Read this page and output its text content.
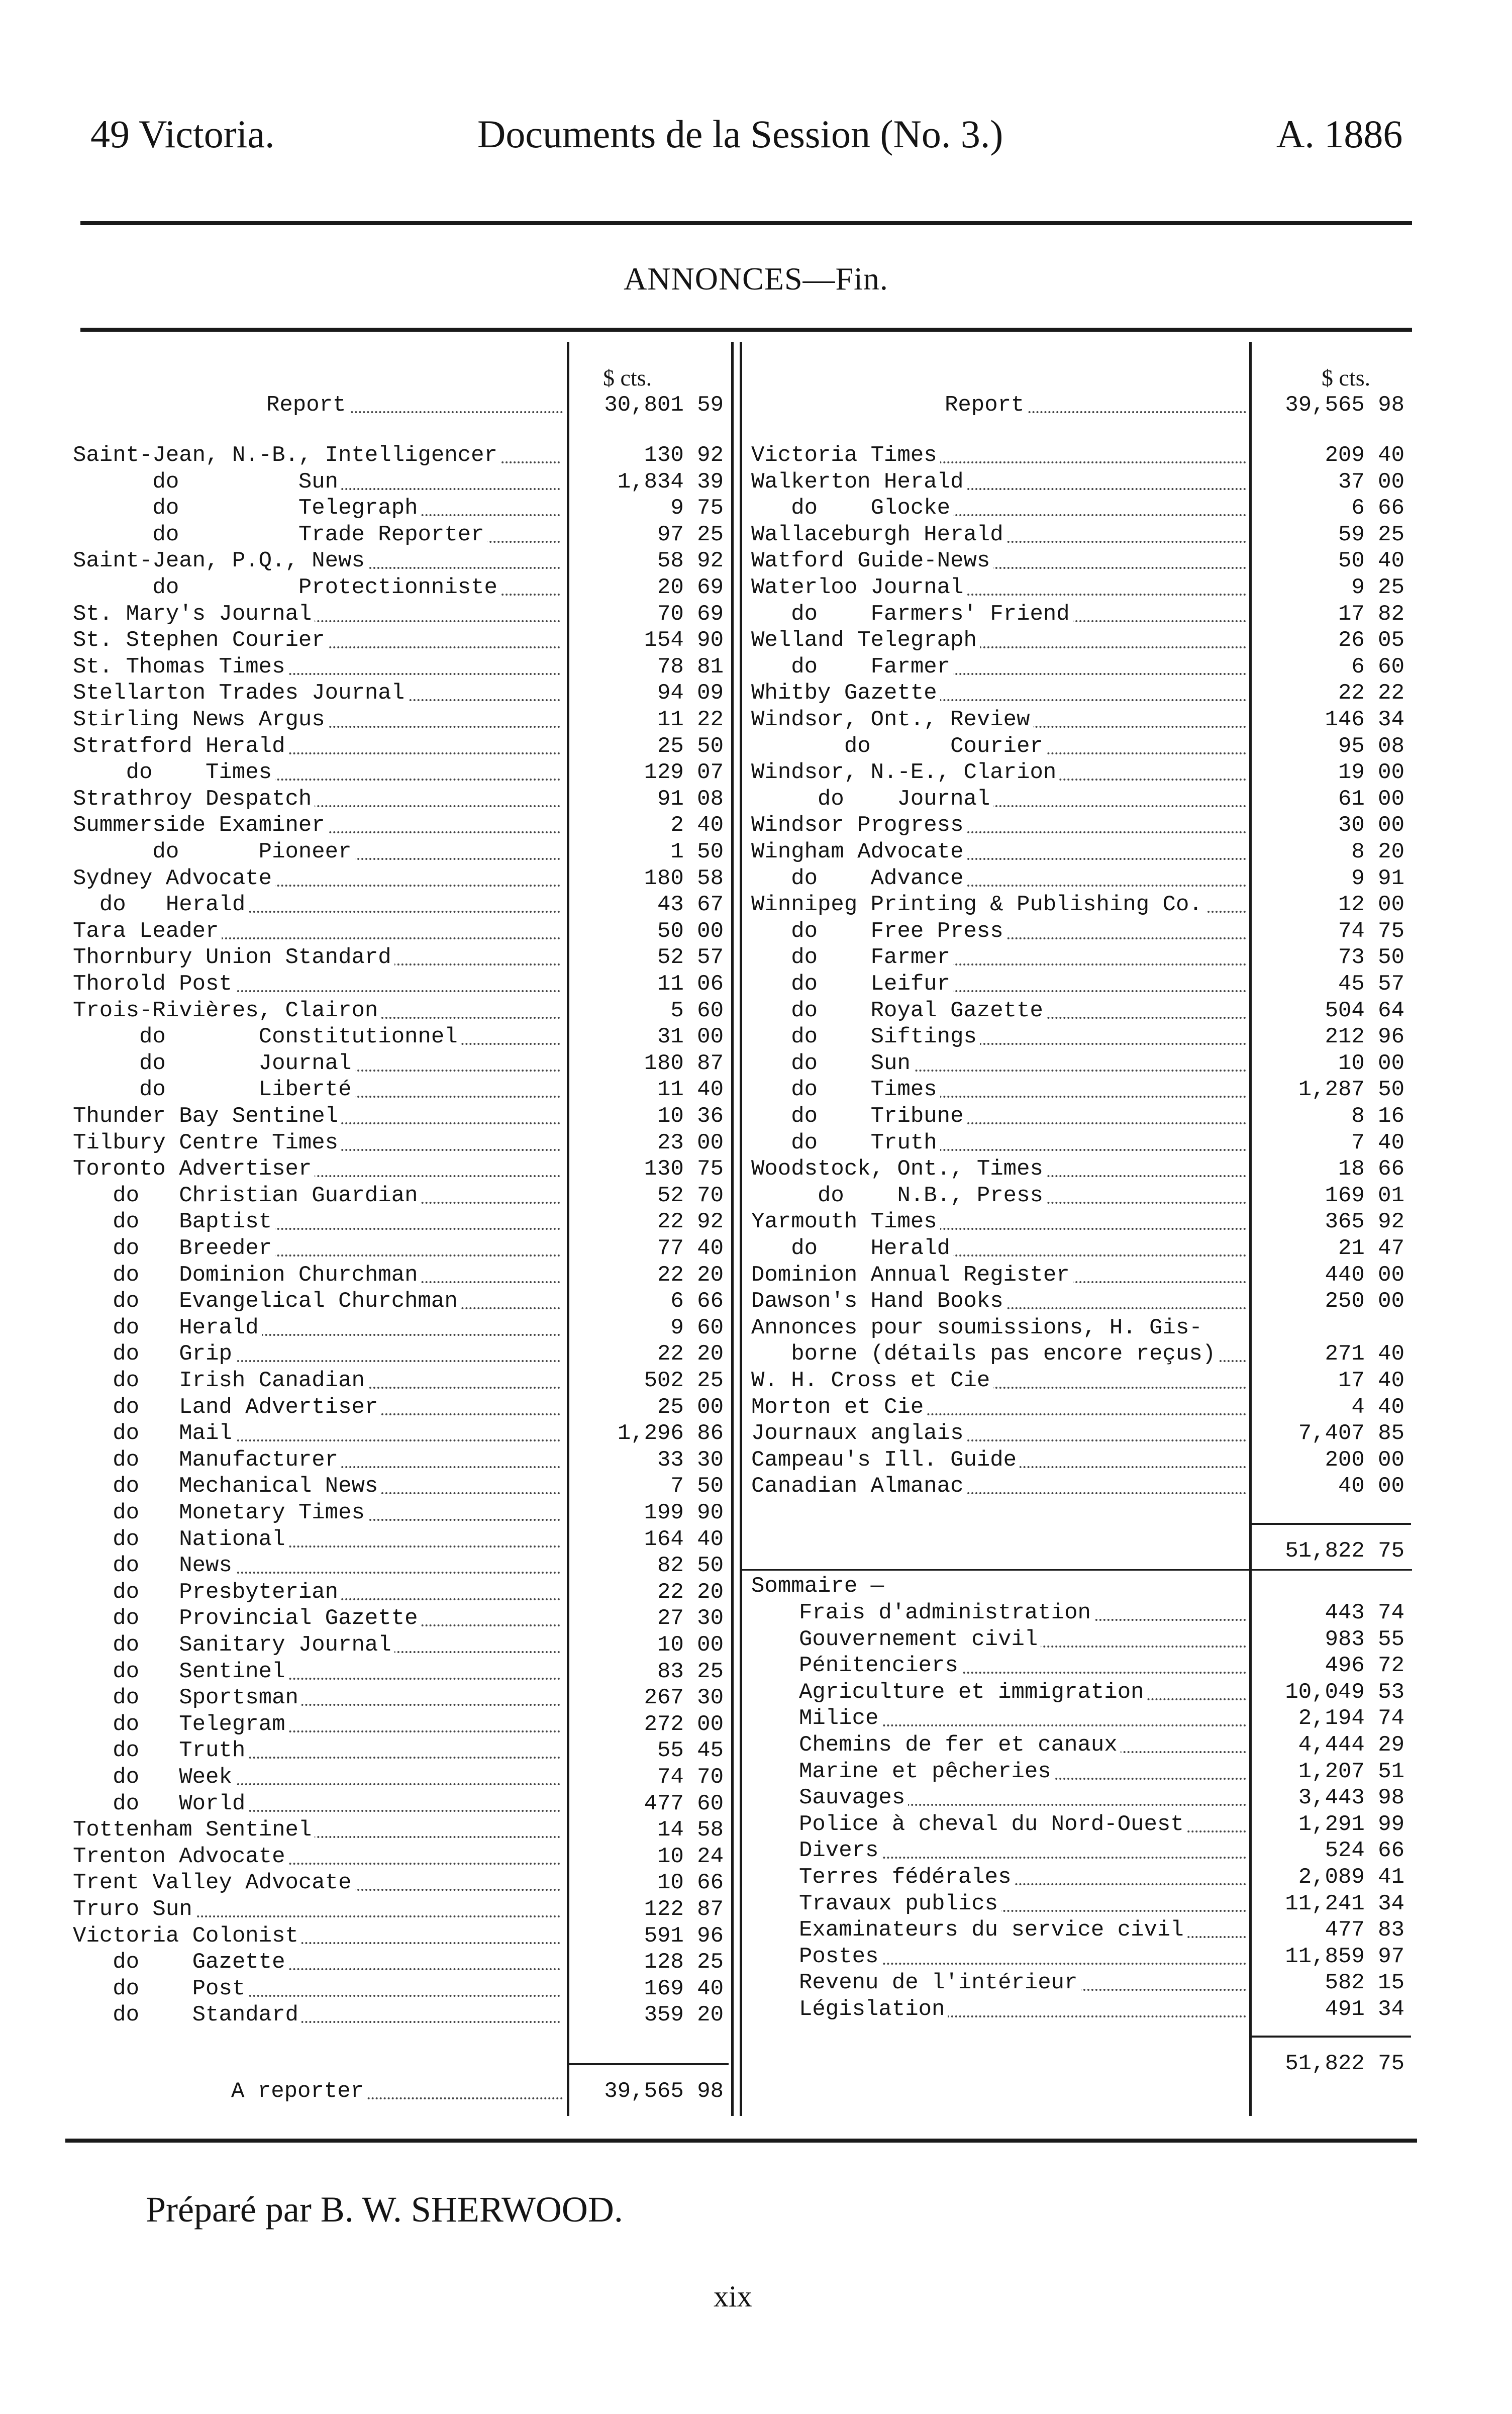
49 Victoria.	Documents de la Session (No. 3.)	A. 1886
ANNONCES—Fin.
$ cts.
Report	30,801 59
Saint-Jean, N.-B., Intelligencer	130 92
do         Sun	1,834 39
do         Telegraph	9 75
do         Trade Reporter	97 25
Saint-Jean, P.Q., News	58 92
do         Protectionniste	20 69
St. Mary's Journal	70 69
St. Stephen Courier	154 90
St. Thomas Times	78 81
Stellarton Trades Journal	94 09
Stirling News Argus	11 22
Stratford Herald	25 50
do    Times	129 07
Strathroy Despatch	91 08
Summerside Examiner	2 40
do      Pioneer	1 50
Sydney Advocate	180 58
do   Herald	43 67
Tara Leader	50 00
Thornbury Union Standard	52 57
Thorold Post	11 06
Trois-Rivières, Clairon	5 60
do       Constitutionnel	31 00
do       Journal	180 87
do       Liberté	11 40
Thunder Bay Sentinel	10 36
Tilbury Centre Times	23 00
Toronto Advertiser	130 75
do   Christian Guardian	52 70
do   Baptist	22 92
do   Breeder	77 40
do   Dominion Churchman	22 20
do   Evangelical Churchman	6 66
do   Herald	9 60
do   Grip	22 20
do   Irish Canadian	502 25
do   Land Advertiser	25 00
do   Mail	1,296 86
do   Manufacturer	33 30
do   Mechanical News	7 50
do   Monetary Times	199 90
do   National	164 40
do   News	82 50
do   Presbyterian	22 20
do   Provincial Gazette	27 30
do   Sanitary Journal	10 00
do   Sentinel	83 25
do   Sportsman	267 30
do   Telegram	272 00
do   Truth	55 45
do   Week	74 70
do   World	477 60
Tottenham Sentinel	14 58
Trenton Advocate	10 24
Trent Valley Advocate	10 66
Truro Sun	122 87
Victoria Colonist	591 96
do    Gazette	128 25
do    Post	169 40
do    Standard	359 20
A reporter	39,565 98
$ cts.
Report	39,565 98
Victoria Times	209 40
Walkerton Herald	37 00
do    Glocke	6 66
Wallaceburgh Herald	59 25
Watford Guide-News	50 40
Waterloo Journal	9 25
do    Farmers' Friend	17 82
Welland Telegraph	26 05
do    Farmer	6 60
Whitby Gazette	22 22
Windsor, Ont., Review	146 34
do      Courier	95 08
Windsor, N.-E., Clarion	19 00
do    Journal	61 00
Windsor Progress	30 00
Wingham Advocate	8 20
do    Advance	9 91
Winnipeg Printing & Publishing Co.	12 00
do    Free Press	74 75
do    Farmer	73 50
do    Leifur	45 57
do    Royal Gazette	504 64
do    Siftings	212 96
do    Sun	10 00
do    Times	1,287 50
do    Tribune	8 16
do    Truth	7 40
Woodstock, Ont., Times	18 66
do    N.B., Press	169 01
Yarmouth Times	365 92
do    Herald	21 47
Dominion Annual Register	440 00
Dawson's Hand Books	250 00
Annonces pour soumissions, H. Gis-
borne (détails pas encore reçus)	271 40
W. H. Cross et Cie	17 40
Morton et Cie	4 40
Journaux anglais	7,407 85
Campeau's Ill. Guide	200 00
Canadian Almanac	40 00
51,822 75
Sommaire —
Frais d'administration	443 74
Gouvernement civil	983 55
Pénitenciers	496 72
Agriculture et immigration	10,049 53
Milice	2,194 74
Chemins de fer et canaux	4,444 29
Marine et pêcheries	1,207 51
Sauvages	3,443 98
Police à cheval du Nord-Ouest	1,291 99
Divers	524 66
Terres fédérales	2,089 41
Travaux publics	11,241 34
Examinateurs du service civil	477 83
Postes	11,859 97
Revenu de l'intérieur	582 15
Législation	491 34
51,822 75
Préparé par B. W. SHERWOOD.
xix
